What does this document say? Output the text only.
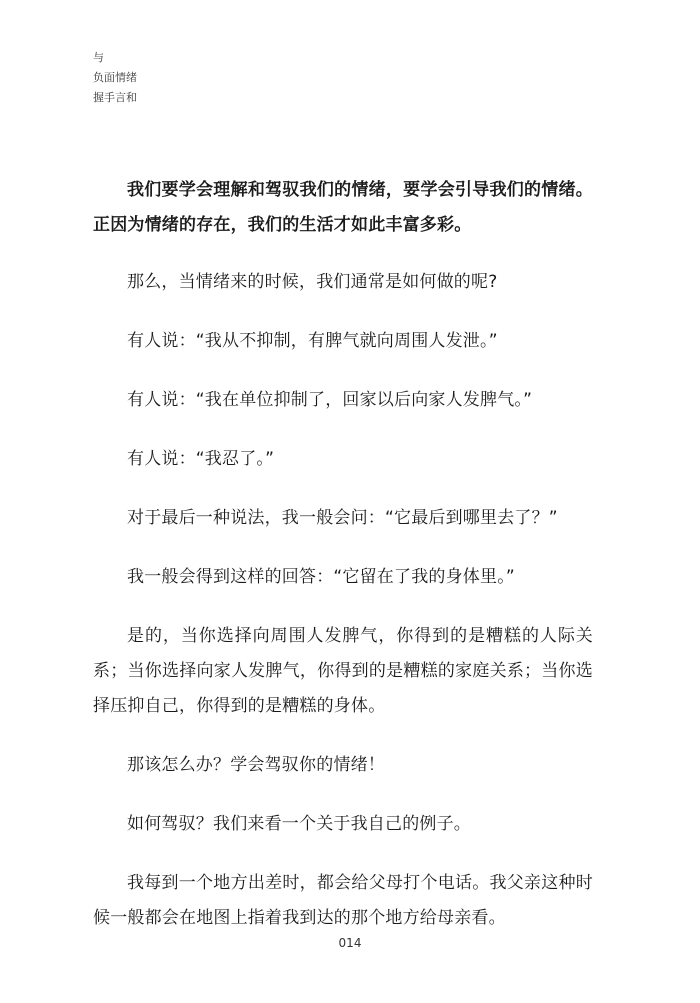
与
负面情绪
握手言和

我们要学会理解和驾驭我们的情绪，要学会引导我们的情绪。正因为情绪的存在，我们的生活才如此丰富多彩。

那么，当情绪来的时候，我们通常是如何做的呢?

有人说：“我从不抑制，有脾气就向周围人发泄。”

有人说：“我在单位抑制了，回家以后向家人发脾气。”

有人说：“我忍了。”

对于最后一种说法，我一般会问：“它最后到哪里去了？”

我一般会得到这样的回答：“它留在了我的身体里。”

是的，当你选择向周围人发脾气，你得到的是糟糕的人际关系；当你选择向家人发脾气，你得到的是糟糕的家庭关系；当你选择压抑自己，你得到的是糟糕的身体。

那该怎么办？学会驾驭你的情绪！

如何驾驭？我们来看一个关于我自己的例子。

我每到一个地方出差时，都会给父母打个电话。我父亲这种时候一般都会在地图上指着我到达的那个地方给母亲看。

014
